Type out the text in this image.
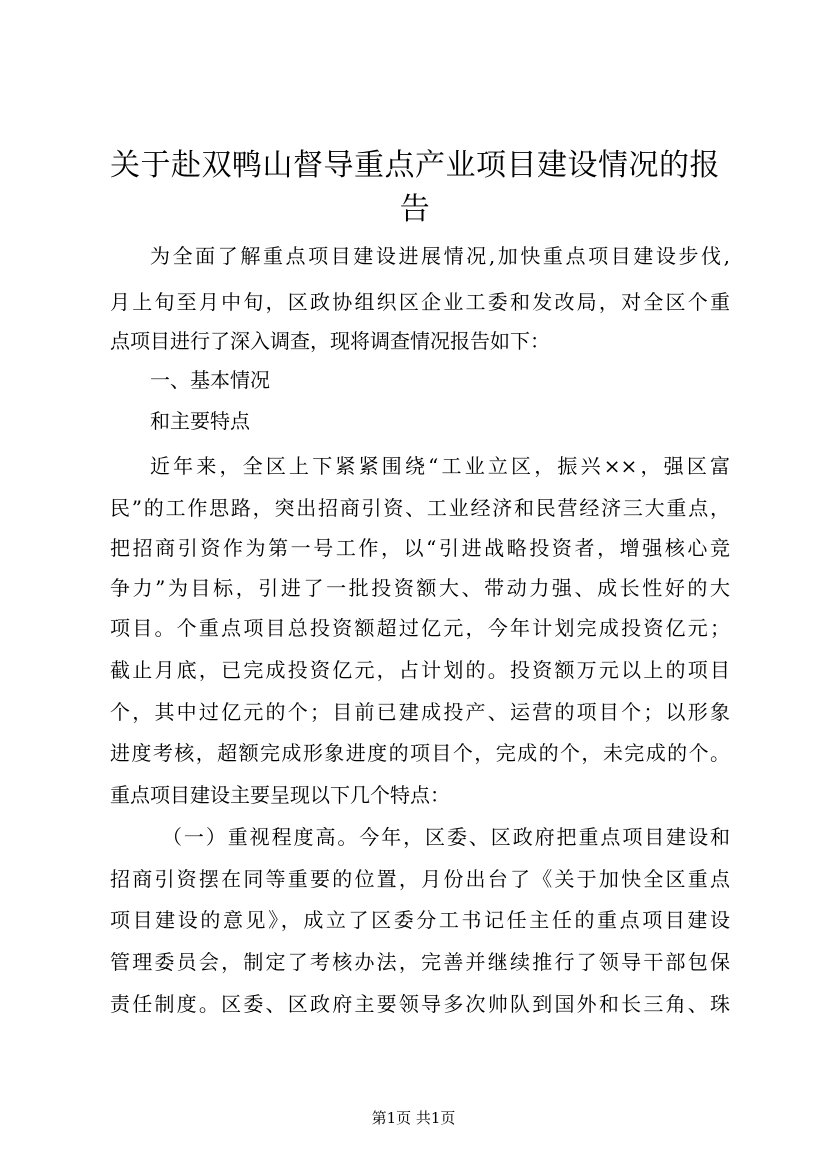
关于赴双鸭山督导重点产业项目建设情况的报
告
为全面了解重点项目建设进展情况,加快重点项目建设步伐,
月上旬至月中旬，区政协组织区企业工委和发改局，对全区个重
点项目进行了深入调查，现将调查情况报告如下：
一、基本情况
和主要特点
近年来，全区上下紧紧围绕“工业立区，振兴××，强区富
民”的工作思路，突出招商引资、工业经济和民营经济三大重点，
把招商引资作为第一号工作，以“引进战略投资者，增强核心竞
争力”为目标，引进了一批投资额大、带动力强、成长性好的大
项目。个重点项目总投资额超过亿元，今年计划完成投资亿元；
截止月底，已完成投资亿元，占计划的。投资额万元以上的项目
个，其中过亿元的个；目前已建成投产、运营的项目个；以形象
进度考核，超额完成形象进度的项目个，完成的个，未完成的个。
重点项目建设主要呈现以下几个特点：
（一）重视程度高。今年，区委、区政府把重点项目建设和
招商引资摆在同等重要的位置，月份出台了《关于加快全区重点
项目建设的意见》，成立了区委分工书记任主任的重点项目建设
管理委员会，制定了考核办法，完善并继续推行了领导干部包保
责任制度。区委、区政府主要领导多次帅队到国外和长三角、珠
第1页 共1页
